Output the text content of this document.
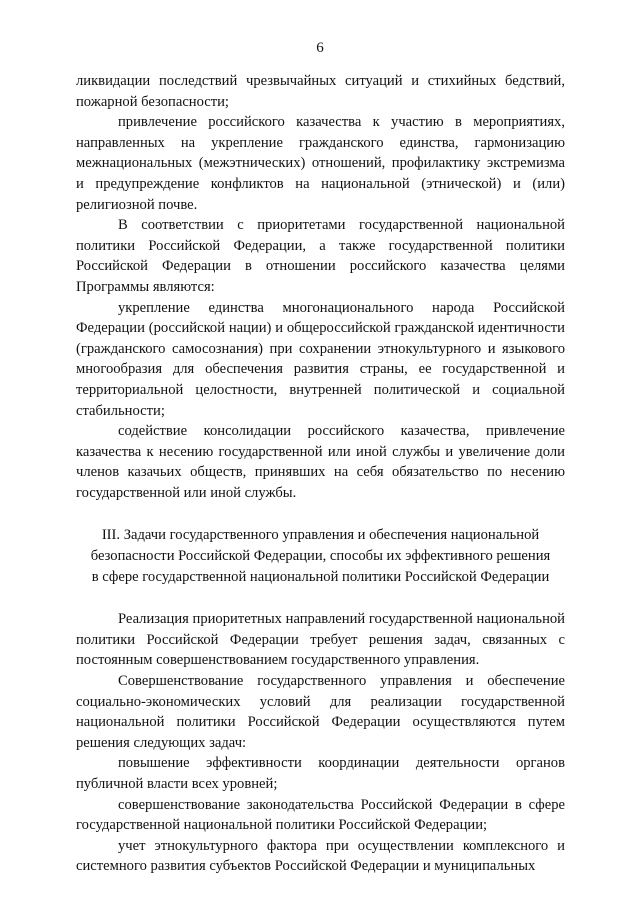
6

ликвидации последствий чрезвычайных ситуаций и стихийных бедствий, пожарной безопасности;

привлечение российского казачества к участию в мероприятиях, направленных на укрепление гражданского единства, гармонизацию межнациональных (межэтнических) отношений, профилактику экстремизма и предупреждение конфликтов на национальной (этнической) и (или) религиозной почве.

В соответствии с приоритетами государственной национальной политики Российской Федерации, а также государственной политики Российской Федерации в отношении российского казачества целями Программы являются:

укрепление единства многонационального народа Российской Федерации (российской нации) и общероссийской гражданской идентичности (гражданского самосознания) при сохранении этнокультурного и языкового многообразия для обеспечения развития страны, ее государственной и территориальной целостности, внутренней политической и социальной стабильности;

содействие консолидации российского казачества, привлечение казачества к несению государственной или иной службы и увеличение доли членов казачьих обществ, принявших на себя обязательство по несению государственной или иной службы.

III. Задачи государственного управления и обеспечения национальной
безопасности Российской Федерации, способы их эффективного решения
в сфере государственной национальной политики Российской Федерации

Реализация приоритетных направлений государственной национальной политики Российской Федерации требует решения задач, связанных с постоянным совершенствованием государственного управления.

Совершенствование государственного управления и обеспечение социально-экономических условий для реализации государственной национальной политики Российской Федерации осуществляются путем решения следующих задач:

повышение эффективности координации деятельности органов публичной власти всех уровней;

совершенствование законодательства Российской Федерации в сфере государственной национальной политики Российской Федерации;

учет этнокультурного фактора при осуществлении комплексного и системного развития субъектов Российской Федерации и муниципальных
